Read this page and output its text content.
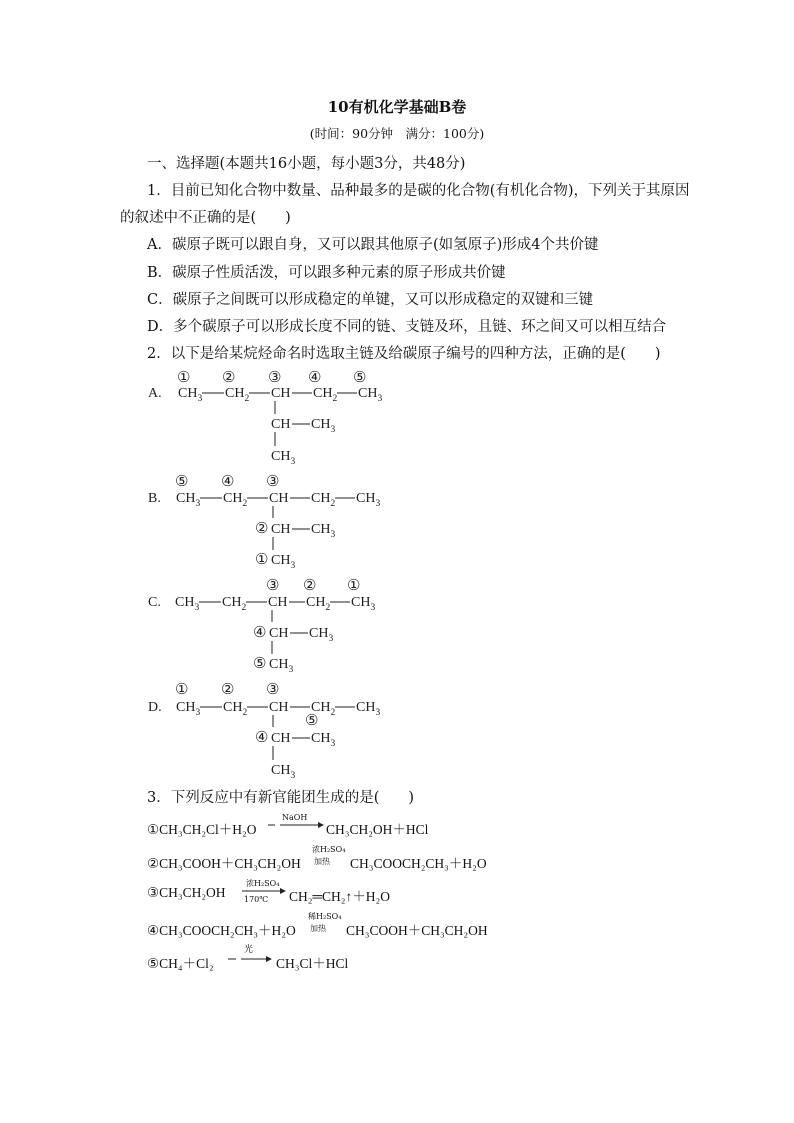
10有机化学基础B卷
(时间：90分钟　满分：100分)
一、选择题(本题共16小题，每小题3分，共48分)
1．目前已知化合物中数量、品种最多的是碳的化合物(有机化合物)，下列关于其原因
的叙述中不正确的是(　　)
A．碳原子既可以跟自身，又可以跟其他原子(如氢原子)形成4个共价键
B．碳原子性质活泼，可以跟多种元素的原子形成共价键
C．碳原子之间既可以形成稳定的单键，又可以形成稳定的双键和三键
D．多个碳原子可以形成长度不同的链、支链及环，且链、环之间又可以相互结合
2．以下是给某烷烃命名时选取主链及给碳原子编号的四种方法，正确的是(　　)
A.
① ② ③ ④ ⑤
$CH_3$ $CH_2$ CH $CH_2$ $CH_3$
CH $CH_3$
$CH_3$
B.
⑤ ④ ③
$CH_3$ $CH_2$ CH $CH_2$ $CH_3$
② CH $CH_3$
① $CH_3$
C.
③ ② ①
$CH_3$ $CH_2$ CH $CH_2$ $CH_3$
④ CH $CH_3$
⑤ $CH_3$
D.
① ② ③
$CH_3$ $CH_2$ CH $CH_2$ $CH_3$
⑤
④ CH $CH_3$
$CH_3$
3．下列反应中有新官能团生成的是(　　)
①CH₃CH₂Cl＋H₂O
NaOH
→ CH₃CH₂OH＋HCl
②CH₃COOH＋CH₃CH₂OH
浓H₂SO₄
加热 CH₃COOCH₂CH₃＋H₂O
③CH₃CH₂OH
浓H₂SO₄
170℃ CH₂═CH₂↑＋H₂O
④CH₃COOCH₂CH₃＋H₂O
稀H₂SO₄
加热 CH₃COOH＋CH₃CH₂OH
⑤CH₄＋Cl₂
光
→ CH₃Cl＋HCl
